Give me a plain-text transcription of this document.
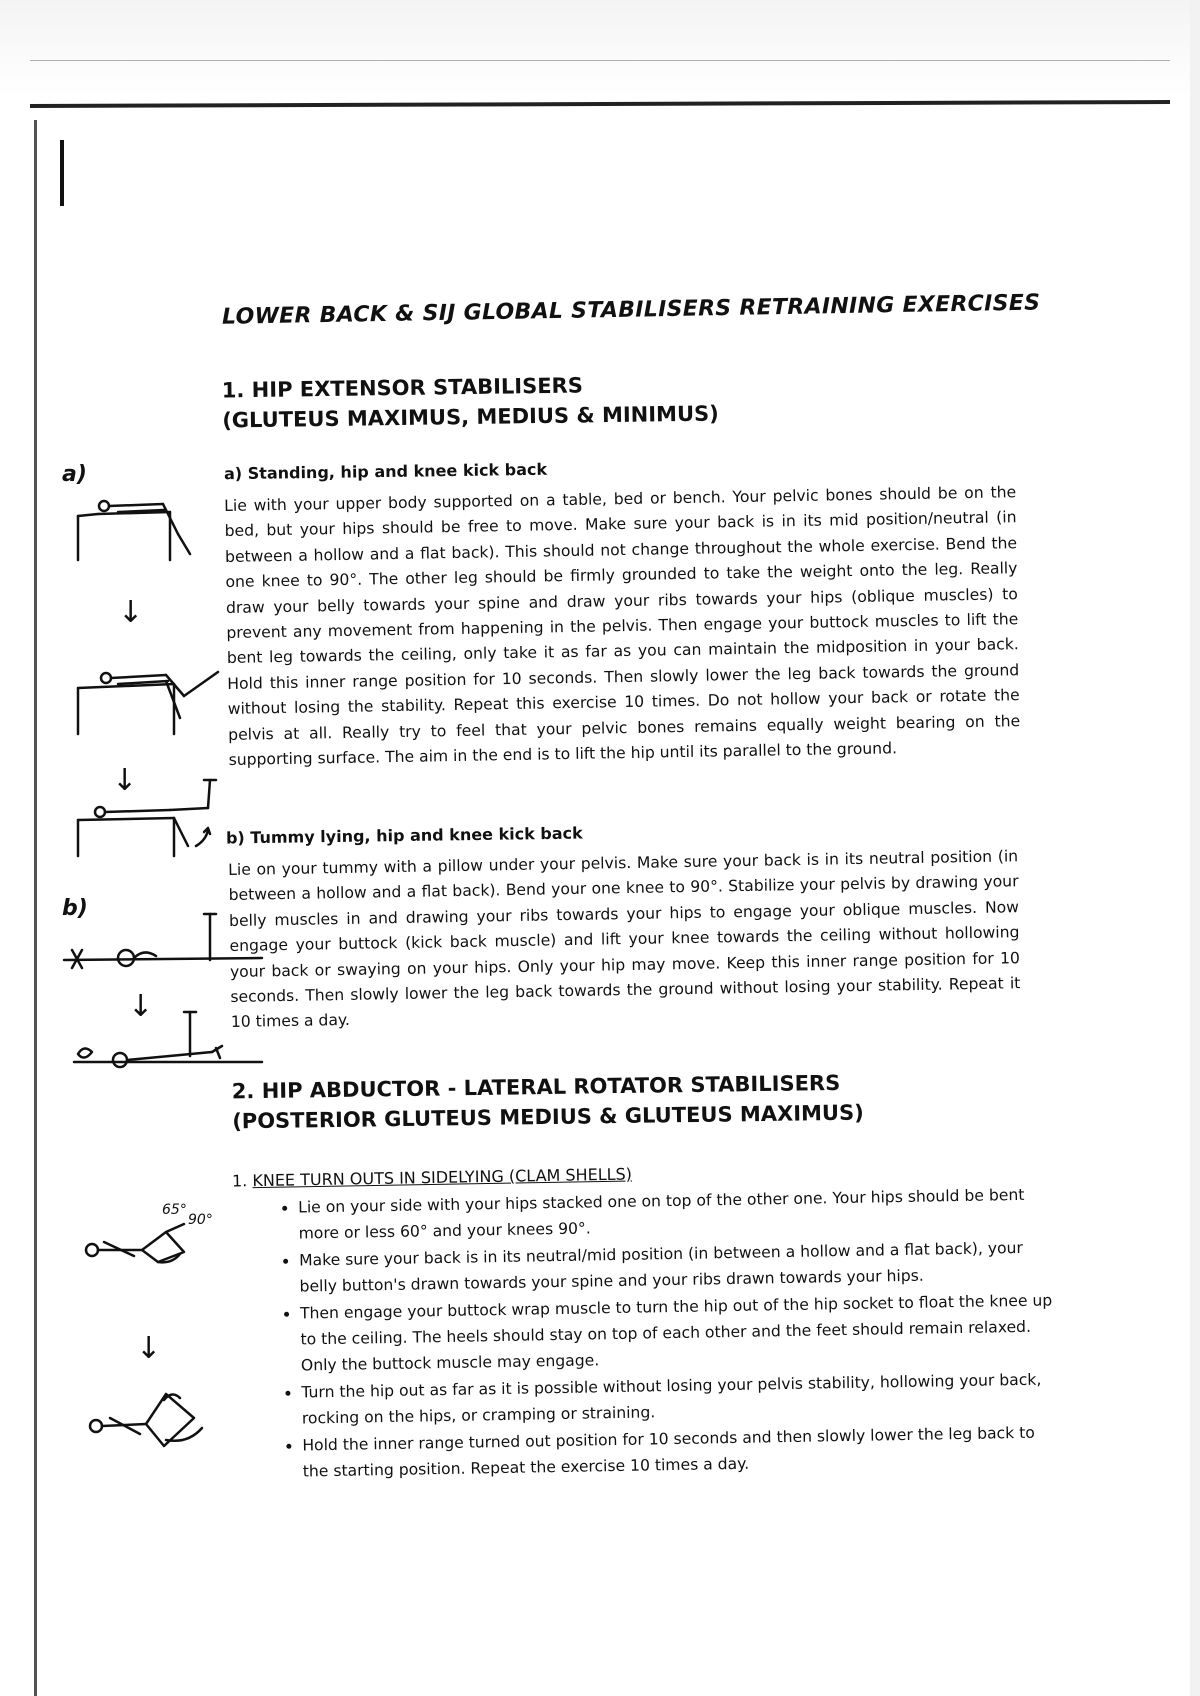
LOWER BACK & SIJ GLOBAL STABILISERS RETRAINING EXERCISES
1. HIP EXTENSOR STABILISERS
(GLUTEUS MAXIMUS, MEDIUS & MINIMUS)
a)	a) Standing, hip and knee kick back
Lie with your upper body supported on a table, bed or bench. Your pelvic bones should be on the bed, but your hips should be free to move. Make sure your back is in its mid position/neutral (in between a hollow and a flat back). This should not change throughout the whole exercise. Bend the one knee to 90°. The other leg should be firmly grounded to take the weight onto the leg. Really draw your belly towards your spine and draw your ribs towards your hips (oblique muscles) to prevent any movement from happening in the pelvis. Then engage your buttock muscles to lift the bent leg towards the ceiling, only take it as far as you can maintain the midposition in your back. Hold this inner range position for 10 seconds. Then slowly lower the leg back towards the ground without losing the stability. Repeat this exercise 10 times. Do not hollow your back or rotate the pelvis at all. Really try to feel that your pelvic bones remains equally weight bearing on the supporting surface. The aim in the end is to lift the hip until its parallel to the ground.
↓
↓
b) Tummy lying, hip and knee kick back
Lie on your tummy with a pillow under your pelvis. Make sure your back is in its neutral position (in between a hollow and a flat back). Bend your one knee to 90°. Stabilize your pelvis by drawing your belly muscles in and drawing your ribs towards your hips to engage your oblique muscles. Now engage your buttock (kick back muscle) and lift your knee towards the ceiling without hollowing your back or swaying on your hips. Only your hip may move. Keep this inner range position for 10 seconds. Then slowly lower the leg back towards the ground without losing your stability. Repeat it 10 times a day.
b)
↓
2. HIP ABDUCTOR - LATERAL ROTATOR STABILISERS
(POSTERIOR GLUTEUS MEDIUS & GLUTEUS MAXIMUS)
1. KNEE TURN OUTS IN SIDELYING (CLAM SHELLS)
65°
90°
↓
• Lie on your side with your hips stacked one on top of the other one. Your hips should be bent more or less 60° and your knees 90°.
• Make sure your back is in its neutral/mid position (in between a hollow and a flat back), your belly button's drawn towards your spine and your ribs drawn towards your hips.
• Then engage your buttock wrap muscle to turn the hip out of the hip socket to float the knee up to the ceiling. The heels should stay on top of each other and the feet should remain relaxed. Only the buttock muscle may engage.
• Turn the hip out as far as it is possible without losing your pelvis stability, hollowing your back, rocking on the hips, or cramping or straining.
• Hold the inner range turned out position for 10 seconds and then slowly lower the leg back to the starting position. Repeat the exercise 10 times a day.
